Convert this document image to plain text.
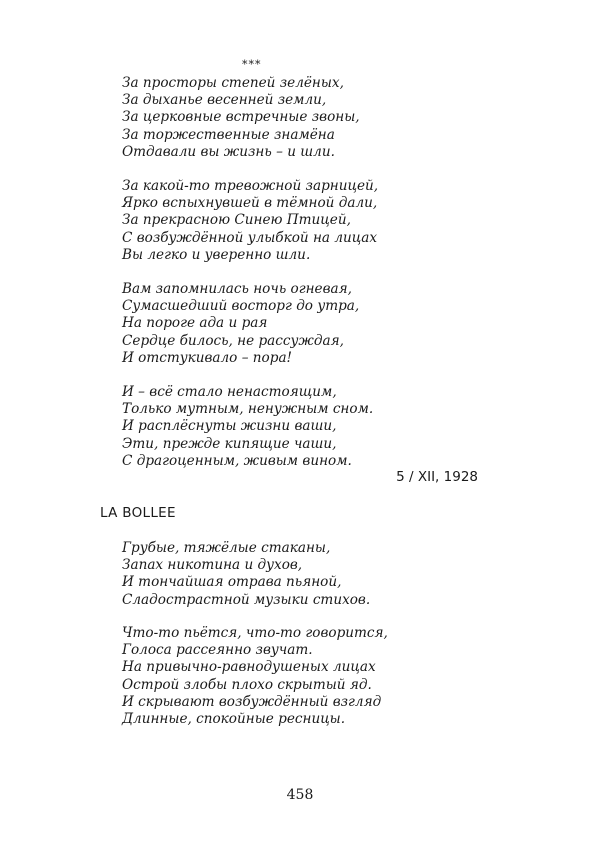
***
За просторы степей зелёных,
За дыханье весенней земли,
За церковные встречные звоны,
За торжественные знамёна
Отдавали вы жизнь – и шли.
За какой-то тревожной зарницей,
Ярко вспыхнувшей в тёмной дали,
За прекрасною Синею Птицей,
С возбуждённой улыбкой на лицах
Вы легко и уверенно шли.
Вам запомнилась ночь огневая,
Сумасшедший восторг до утра,
На пороге ада и рая
Сердце билось, не рассуждая,
И отстукивало – пора!
И – всё стало ненастоящим,
Только мутным, ненужным сном.
И расплёснуты жизни ваши,
Эти, прежде кипящие чаши,
С драгоценным, живым вином.
5 / XII, 1928
LA BOLLEE
Грубые, тяжёлые стаканы,
Запах никотина и духов,
И тончайшая отрава пьяной,
Сладострастной музыки стихов.
Что-то пьётся, что-то говорится,
Голоса рассеянно звучат.
На привычно-равнодушеных лицах
Острой злобы плохо скрытый яд.
И скрывают возбуждённый взгляд
Длинные, спокойные ресницы.
458
